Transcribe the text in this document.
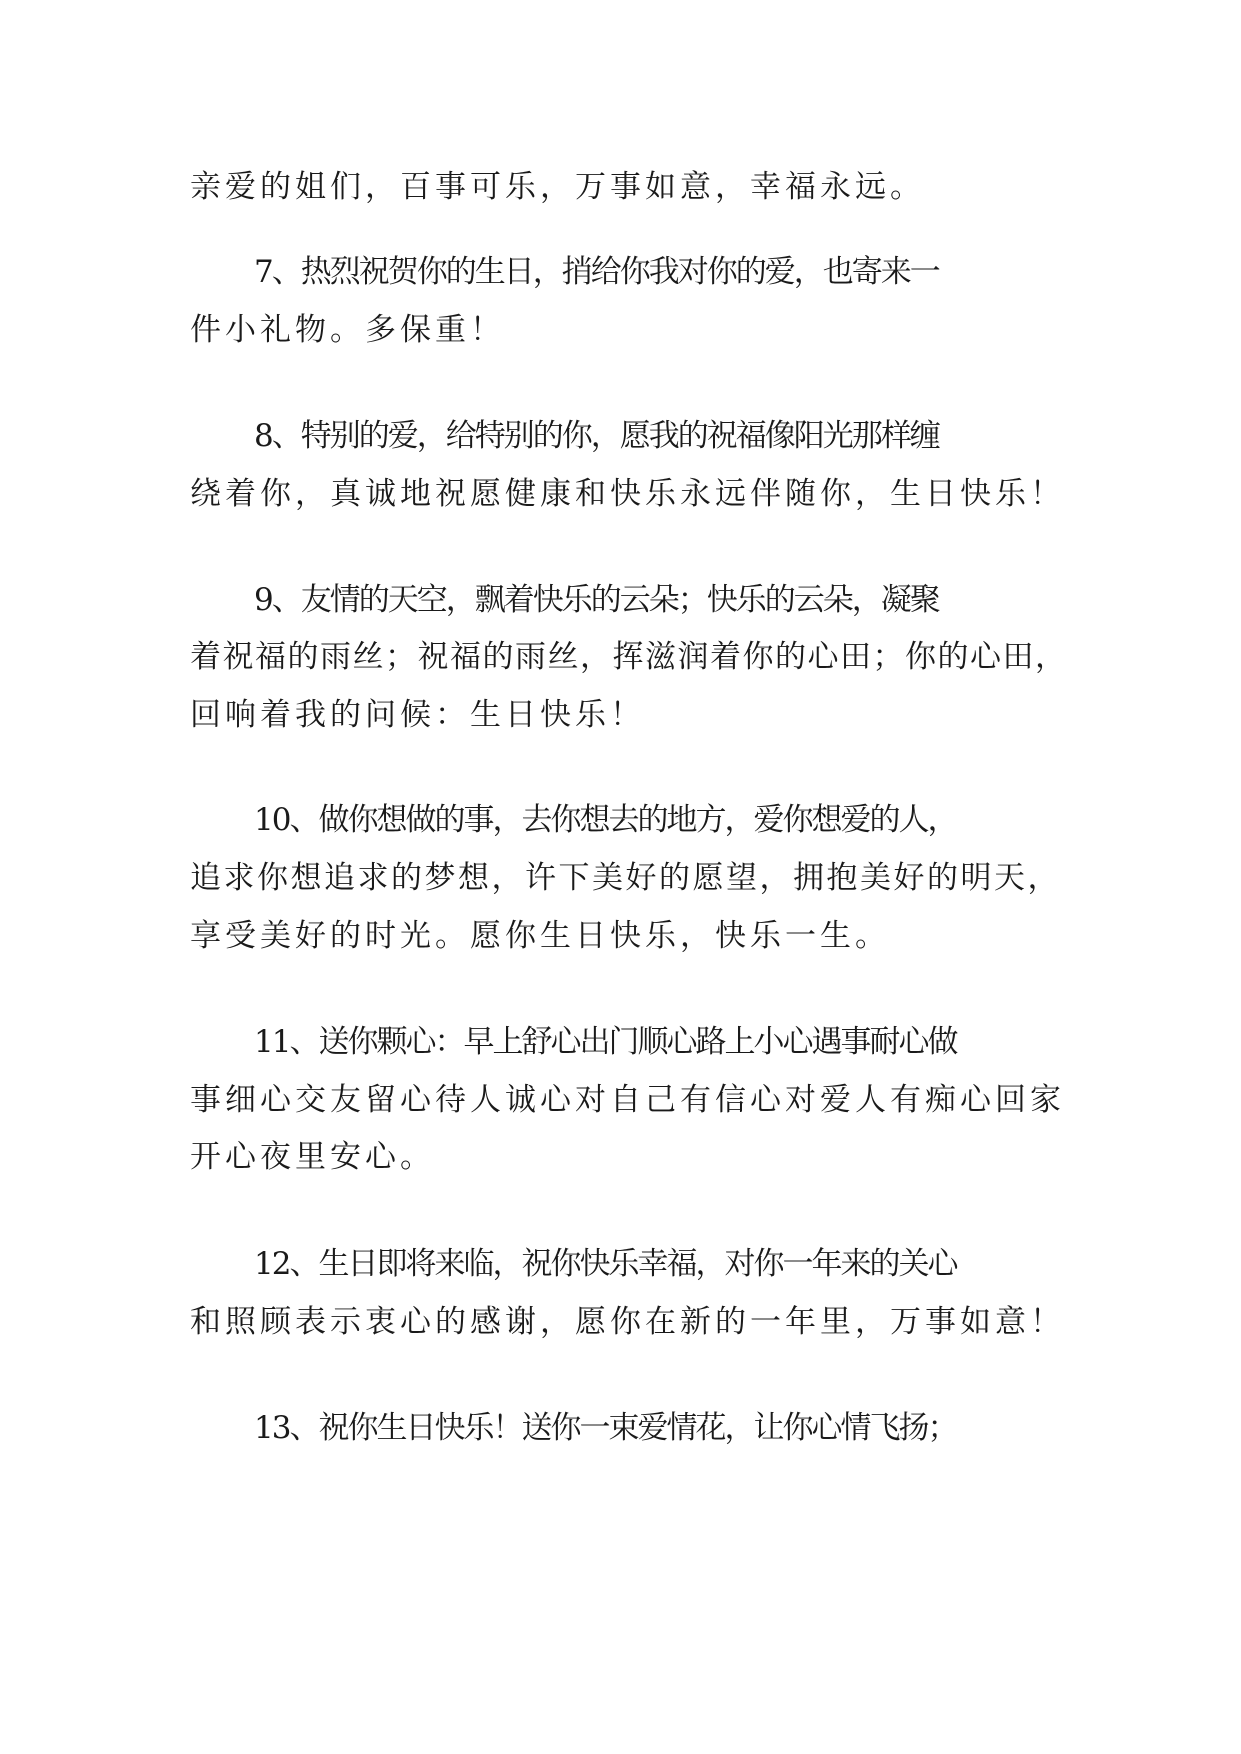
亲爱的姐们，百事可乐，万事如意，幸福永远。

7、热烈祝贺你的生日，捎给你我对你的爱，也寄来一

件小礼物。多保重！

8、特别的爱，给特别的你，愿我的祝福像阳光那样缠

绕着你，真诚地祝愿健康和快乐永远伴随你，生日快乐！

9、友情的天空，飘着快乐的云朵；快乐的云朵，凝聚

着祝福的雨丝；祝福的雨丝，挥滋润着你的心田；你的心田，

回响着我的问候：生日快乐！

10、做你想做的事，去你想去的地方，爱你想爱的人，

追求你想追求的梦想，许下美好的愿望，拥抱美好的明天，

享受美好的时光。愿你生日快乐，快乐一生。

11、送你颗心：早上舒心出门顺心路上小心遇事耐心做

事细心交友留心待人诚心对自己有信心对爱人有痴心回家

开心夜里安心。

12、生日即将来临，祝你快乐幸福，对你一年来的关心

和照顾表示衷心的感谢，愿你在新的一年里，万事如意！

13、祝你生日快乐！送你一束爱情花，让你心情飞扬；
